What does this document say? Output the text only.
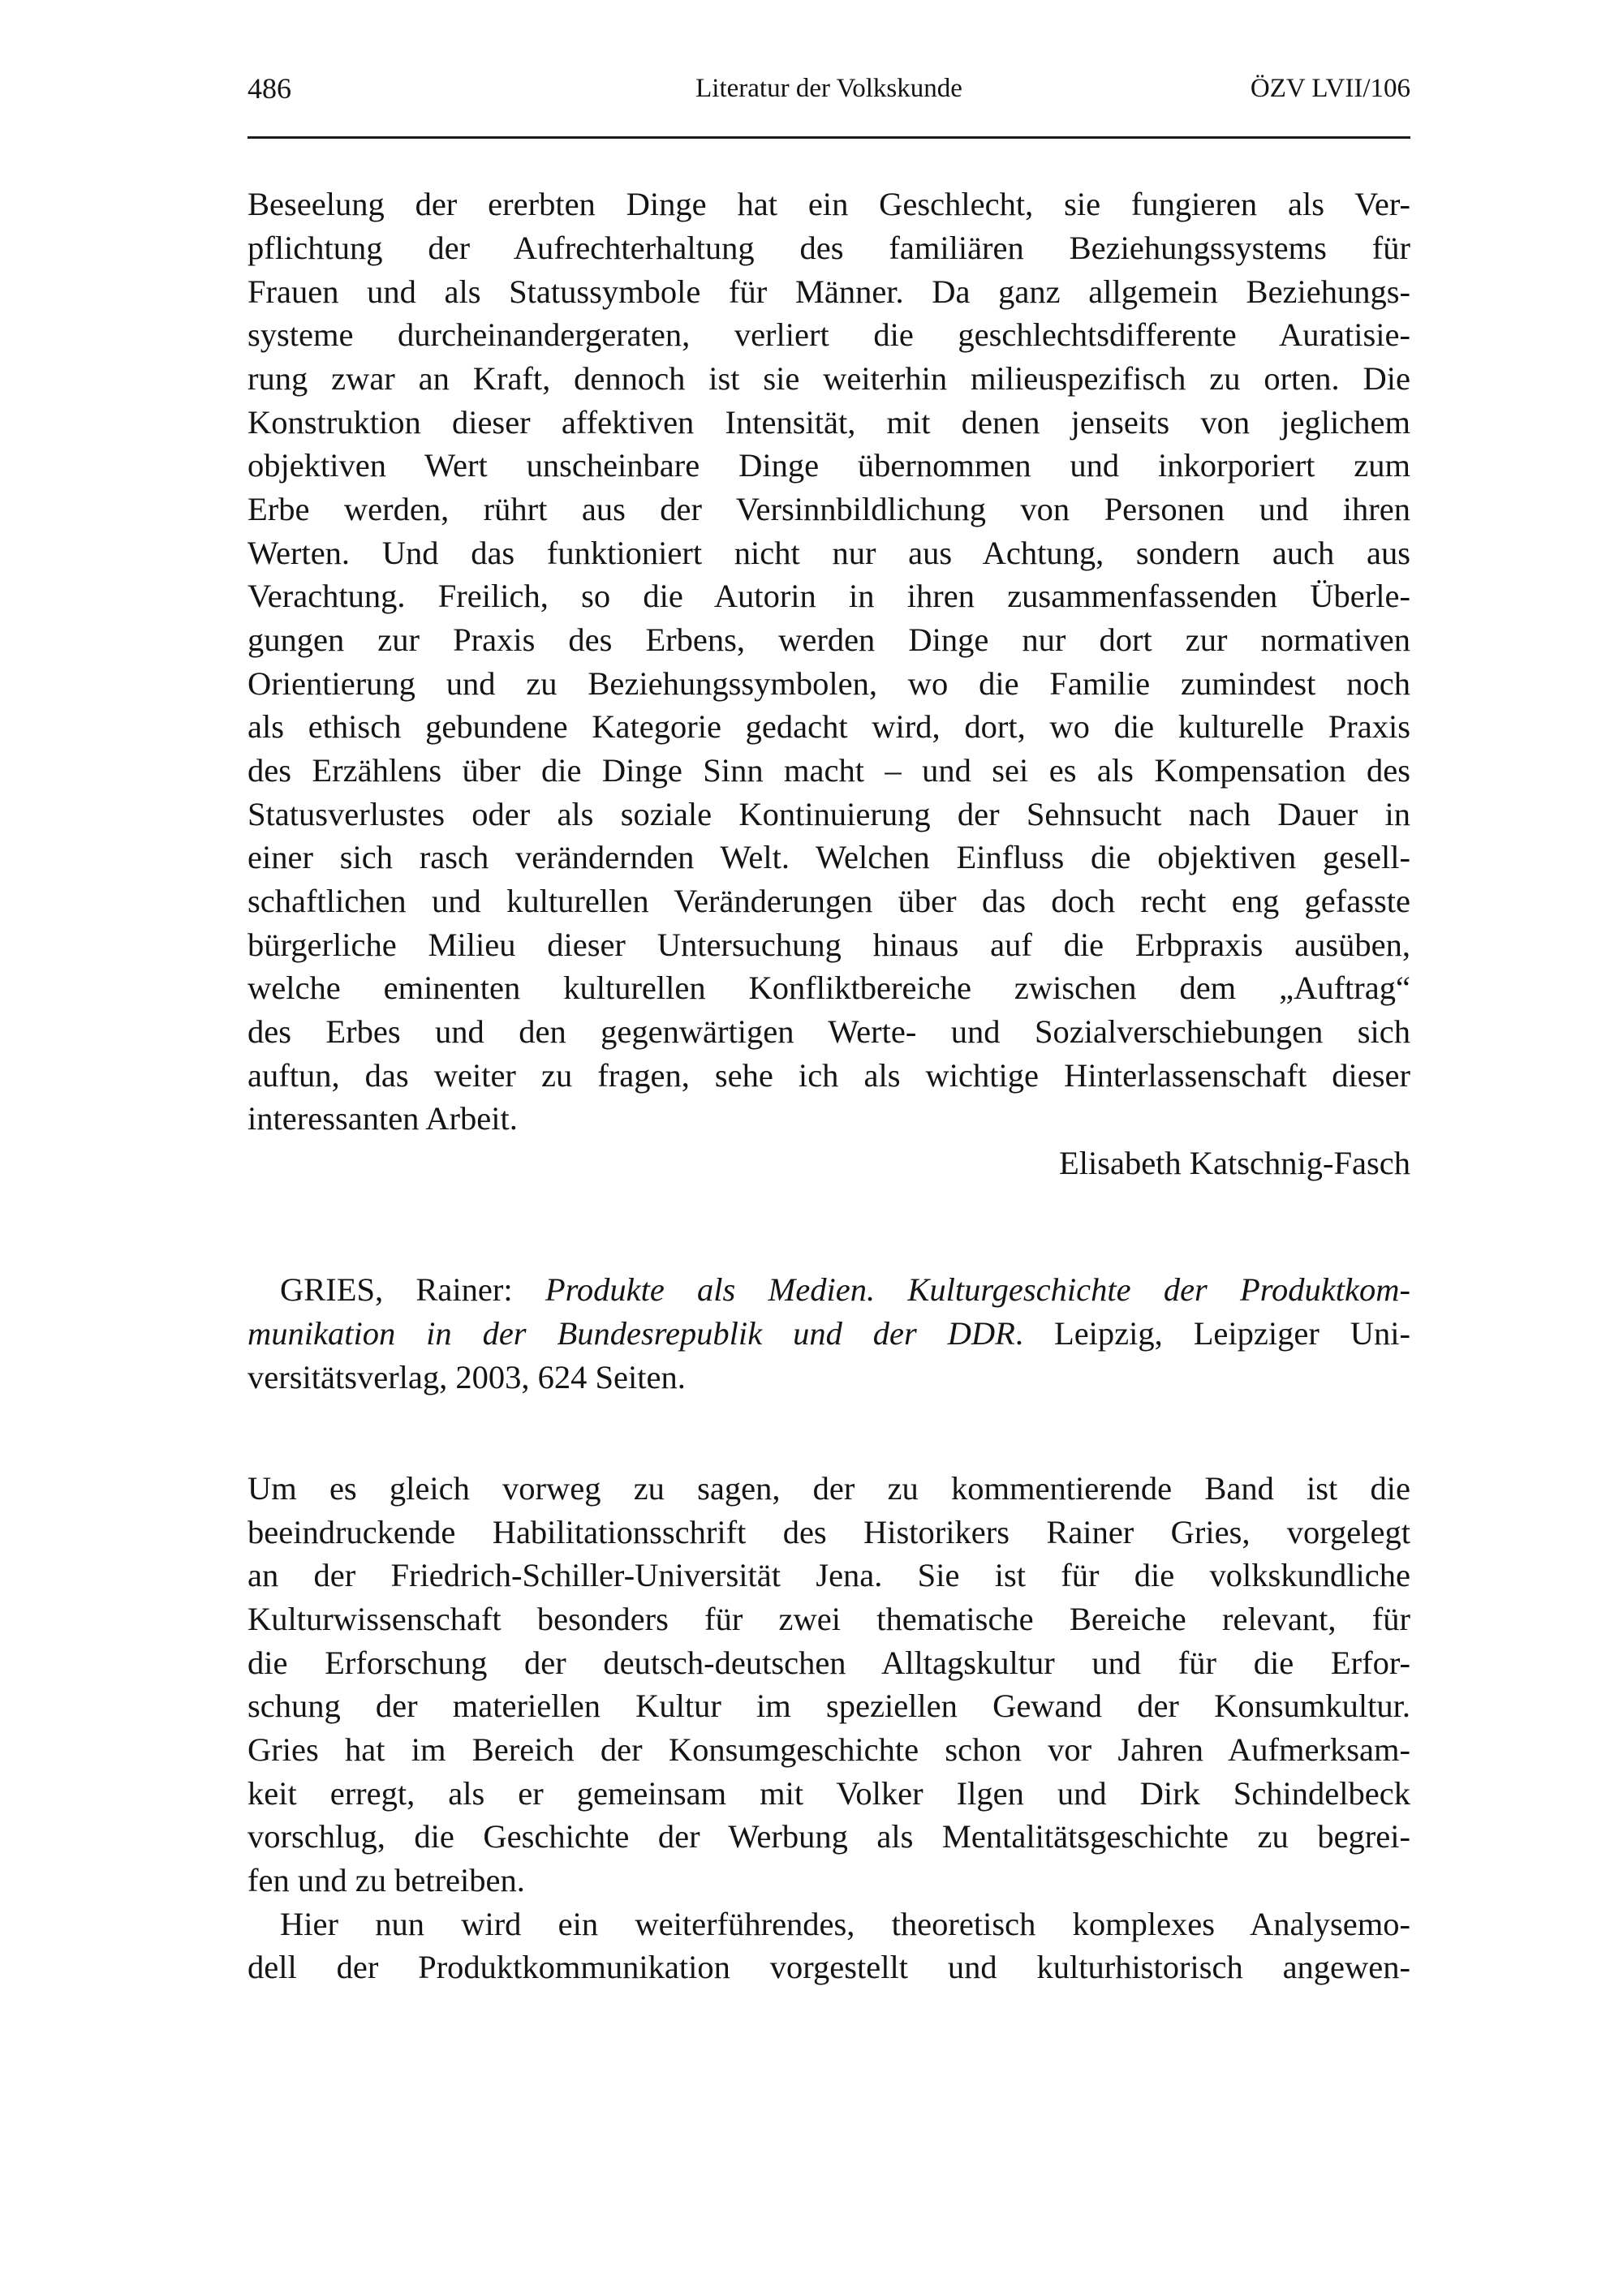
486	Literatur der Volkskunde	ÖZV LVII/106
Beseelung der ererbten Dinge hat ein Geschlecht, sie fungieren als Ver-
pflichtung der Aufrechterhaltung des familiären Beziehungssystems für
Frauen und als Statussymbole für Männer. Da ganz allgemein Beziehungs-
systeme durcheinandergeraten, verliert die geschlechtsdifferente Auratisie-
rung zwar an Kraft, dennoch ist sie weiterhin milieuspezifisch zu orten. Die
Konstruktion dieser affektiven Intensität, mit denen jenseits von jeglichem
objektiven Wert unscheinbare Dinge übernommen und inkorporiert zum
Erbe werden, rührt aus der Versinnbildlichung von Personen und ihren
Werten. Und das funktioniert nicht nur aus Achtung, sondern auch aus
Verachtung. Freilich, so die Autorin in ihren zusammenfassenden Überle-
gungen zur Praxis des Erbens, werden Dinge nur dort zur normativen
Orientierung und zu Beziehungssymbolen, wo die Familie zumindest noch
als ethisch gebundene Kategorie gedacht wird, dort, wo die kulturelle Praxis
des Erzählens über die Dinge Sinn macht – und sei es als Kompensation des
Statusverlustes oder als soziale Kontinuierung der Sehnsucht nach Dauer in
einer sich rasch verändernden Welt. Welchen Einfluss die objektiven gesell-
schaftlichen und kulturellen Veränderungen über das doch recht eng gefasste
bürgerliche Milieu dieser Untersuchung hinaus auf die Erbpraxis ausüben,
welche eminenten kulturellen Konfliktbereiche zwischen dem „Auftrag“
des Erbes und den gegenwärtigen Werte- und Sozialverschiebungen sich
auftun, das weiter zu fragen, sehe ich als wichtige Hinterlassenschaft dieser
interessanten Arbeit.
Elisabeth Katschnig-Fasch
GRIES, Rainer: Produkte als Medien. Kulturgeschichte der Produktkom-
munikation in der Bundesrepublik und der DDR. Leipzig, Leipziger Uni-
versitätsverlag, 2003, 624 Seiten.
Um es gleich vorweg zu sagen, der zu kommentierende Band ist die
beeindruckende Habilitationsschrift des Historikers Rainer Gries, vorgelegt
an der Friedrich-Schiller-Universität Jena. Sie ist für die volkskundliche
Kulturwissenschaft besonders für zwei thematische Bereiche relevant, für
die Erforschung der deutsch-deutschen Alltagskultur und für die Erfor-
schung der materiellen Kultur im speziellen Gewand der Konsumkultur.
Gries hat im Bereich der Konsumgeschichte schon vor Jahren Aufmerksam-
keit erregt, als er gemeinsam mit Volker Ilgen und Dirk Schindelbeck
vorschlug, die Geschichte der Werbung als Mentalitätsgeschichte zu begrei-
fen und zu betreiben.
Hier nun wird ein weiterführendes, theoretisch komplexes Analysemo-
dell der Produktkommunikation vorgestellt und kulturhistorisch angewen-
